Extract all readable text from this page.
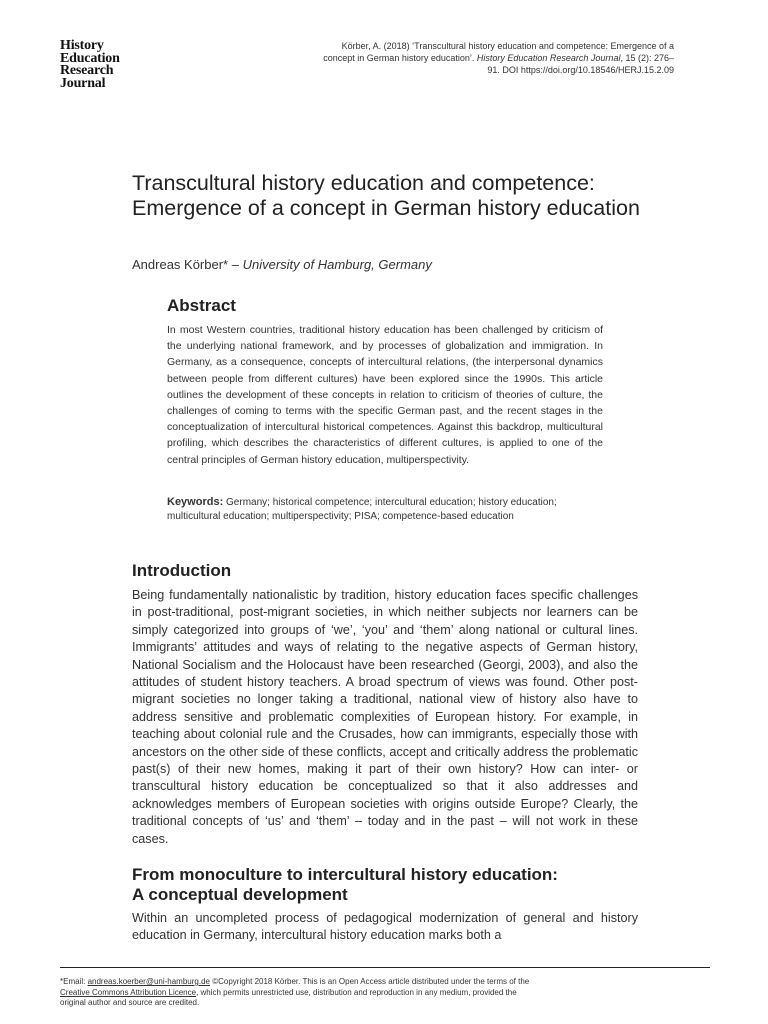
History
Education
Research
Journal
Körber, A. (2018) ‘Transcultural history education and competence: Emergence of a concept in German history education’. History Education Research Journal, 15 (2): 276–91. DOI https://doi.org/10.18546/HERJ.15.2.09
Transcultural history education and competence: Emergence of a concept in German history education
Andreas Körber* – University of Hamburg, Germany
Abstract

In most Western countries, traditional history education has been challenged by criticism of the underlying national framework, and by processes of globalization and immigration. In Germany, as a consequence, concepts of intercultural relations, (the interpersonal dynamics between people from different cultures) have been explored since the 1990s. This article outlines the development of these concepts in relation to criticism of theories of culture, the challenges of coming to terms with the specific German past, and the recent stages in the conceptualization of intercultural historical competences. Against this backdrop, multicultural profiling, which describes the characteristics of different cultures, is applied to one of the central principles of German history education, multiperspectivity.

Keywords: Germany; historical competence; intercultural education; history education; multicultural education; multiperspectivity; PISA; competence-based education

Introduction

Being fundamentally nationalistic by tradition, history education faces specific challenges in post-traditional, post-migrant societies, in which neither subjects nor learners can be simply categorized into groups of ‘we’, ‘you’ and ‘them’ along national or cultural lines. Immigrants’ attitudes and ways of relating to the negative aspects of German history, National Socialism and the Holocaust have been researched (Georgi, 2003), and also the attitudes of student history teachers. A broad spectrum of views was found. Other post-migrant societies no longer taking a traditional, national view of history also have to address sensitive and problematic complexities of European history. For example, in teaching about colonial rule and the Crusades, how can immigrants, especially those with ancestors on the other side of these conflicts, accept and critically address the problematic past(s) of their new homes, making it part of their own history? How can inter- or transcultural history education be conceptualized so that it also addresses and acknowledges members of European societies with origins outside Europe? Clearly, the traditional concepts of ‘us’ and ‘them’ – today and in the past – will not work in these cases.

From monoculture to intercultural history education:
A conceptual development

Within an uncompleted process of pedagogical modernization of general and history education in Germany, intercultural history education marks both a

*Email: andreas.koerber@uni-hamburg.de ©Copyright 2018 Körber. This is an Open Access article distributed under the terms of the Creative Commons Attribution Licence, which permits unrestricted use, distribution and reproduction in any medium, provided the original author and source are credited.
